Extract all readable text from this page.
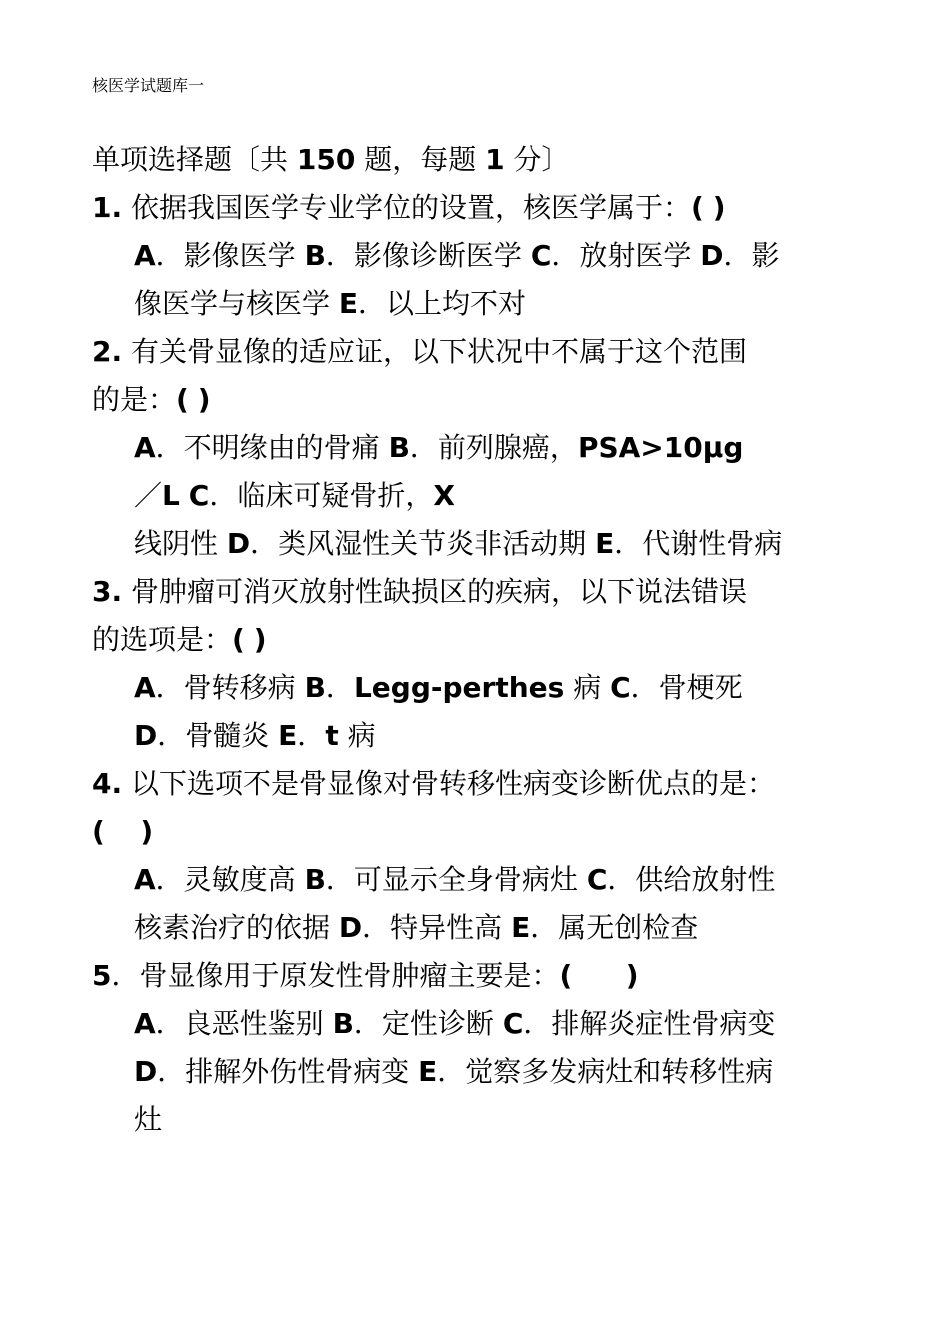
核医学试题库一
单项选择题〔共 150 题，每题 1 分〕
1. 依据我国医学专业学位的设置，核医学属于：( )
A．影像医学 B．影像诊断医学 C．放射医学 D．影
像医学与核医学 E．以上均不对
2. 有关骨显像的适应证，以下状况中不属于这个范围
的是：( )
A．不明缘由的骨痛 B．前列腺癌，PSA>10μg
／L C．临床可疑骨折，X
线阴性 D．类风湿性关节炎非活动期 E．代谢性骨病
3. 骨肿瘤可消灭放射性缺损区的疾病，以下说法错误
的选项是：( )
A．骨转移病 B．Legg-perthes 病 C．骨梗死
D．骨髓炎 E．t 病
4. 以下选项不是骨显像对骨转移性病变诊断优点的是：
( )
A．灵敏度高 B．可显示全身骨病灶 C．供给放射性
核素治疗的依据 D．特异性高 E．属无创检查
5．骨显像用于原发性骨肿瘤主要是：( )
A．良恶性鉴别 B．定性诊断 C．排解炎症性骨病变
D．排解外伤性骨病变 E．觉察多发病灶和转移性病
灶
